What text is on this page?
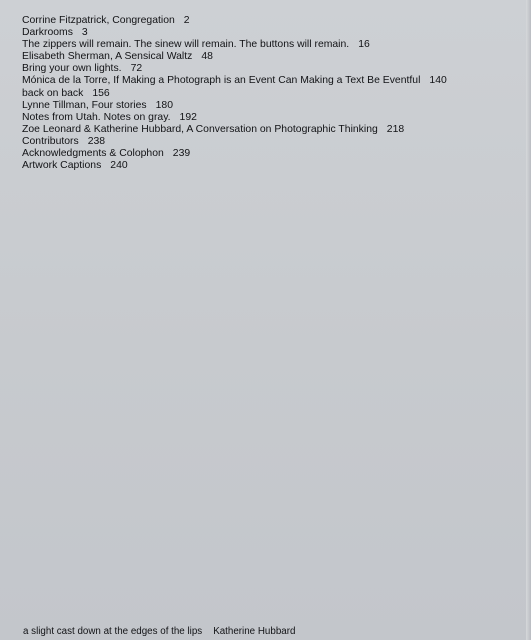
Corrine Fitzpatrick, Congregation 2
Darkrooms 3
The zippers will remain. The sinew will remain. The buttons will remain. 16
Elisabeth Sherman, A Sensical Waltz 48
Bring your own lights. 72
Mónica de la Torre, If Making a Photograph is an Event Can Making a Text Be Eventful 140
back on back 156
Lynne Tillman, Four stories 180
Notes from Utah. Notes on gray. 192
Zoe Leonard & Katherine Hubbard, A Conversation on Photographic Thinking 218
Contributors 238
Acknowledgments & Colophon 239
Artwork Captions 240
a slight cast down at the edges of the lips Katherine Hubbard
